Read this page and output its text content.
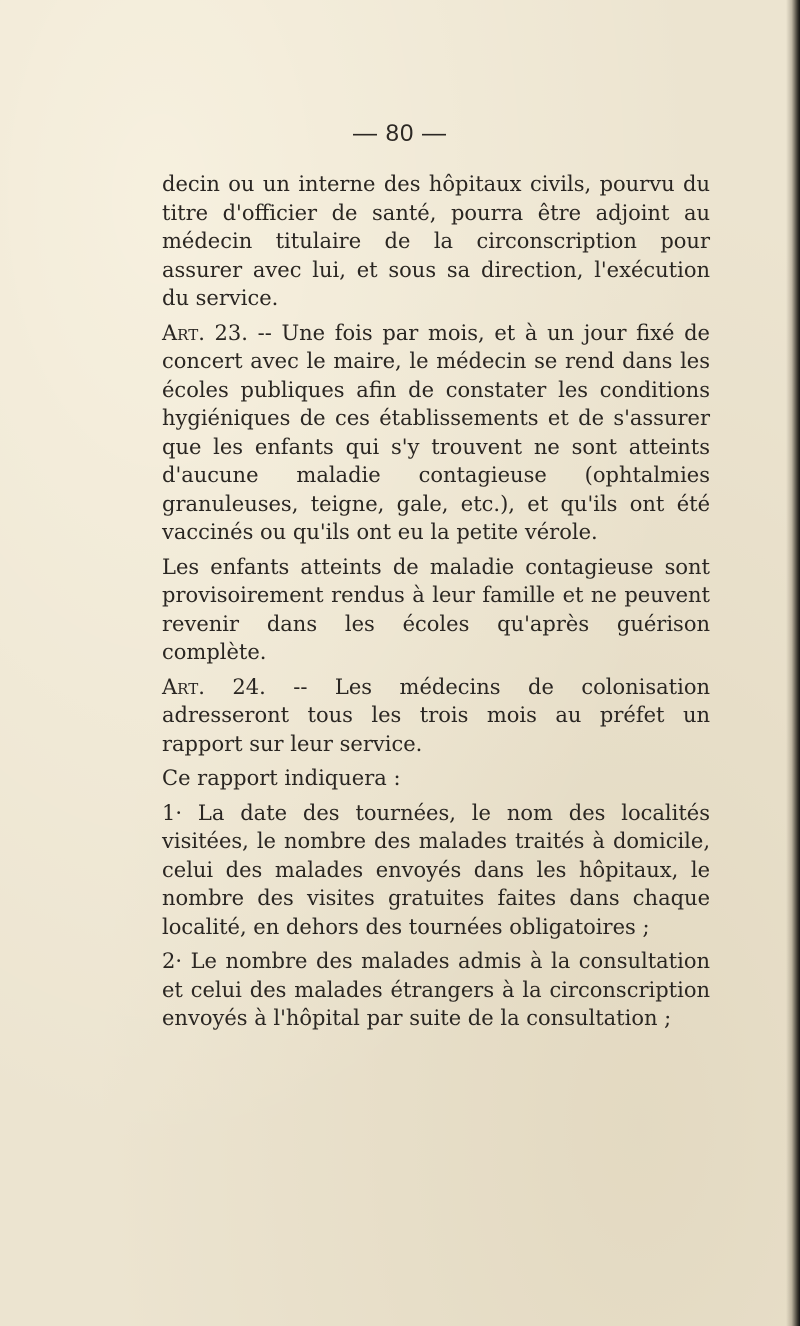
— 80 —

decin ou un interne des hôpitaux civils, pourvu du titre d'officier de santé, pourra être adjoint au médecin titulaire de la circonscription pour assurer avec lui, et sous sa direction, l'exécution du service.

Art. 23. -- Une fois par mois, et à un jour fixé de concert avec le maire, le médecin se rend dans les écoles publiques afin de constater les conditions hygiéniques de ces établissements et de s'assurer que les enfants qui s'y trouvent ne sont atteints d'aucune maladie contagieuse (ophtalmies granuleuses, teigne, gale, etc.), et qu'ils ont été vaccinés ou qu'ils ont eu la petite vérole.

Les enfants atteints de maladie contagieuse sont provisoirement rendus à leur famille et ne peuvent revenir dans les écoles qu'après guérison complète.

Art. 24. -- Les médecins de colonisation adresseront tous les trois mois au préfet un rapport sur leur service.

Ce rapport indiquera :

1· La date des tournées, le nom des localités visitées, le nombre des malades traités à domicile, celui des malades envoyés dans les hôpitaux, le nombre des visites gratuites faites dans chaque localité, en dehors des tournées obligatoires ;

2· Le nombre des malades admis à la consultation et celui des malades étrangers à la circonscription envoyés à l'hôpital par suite de la consultation ;
